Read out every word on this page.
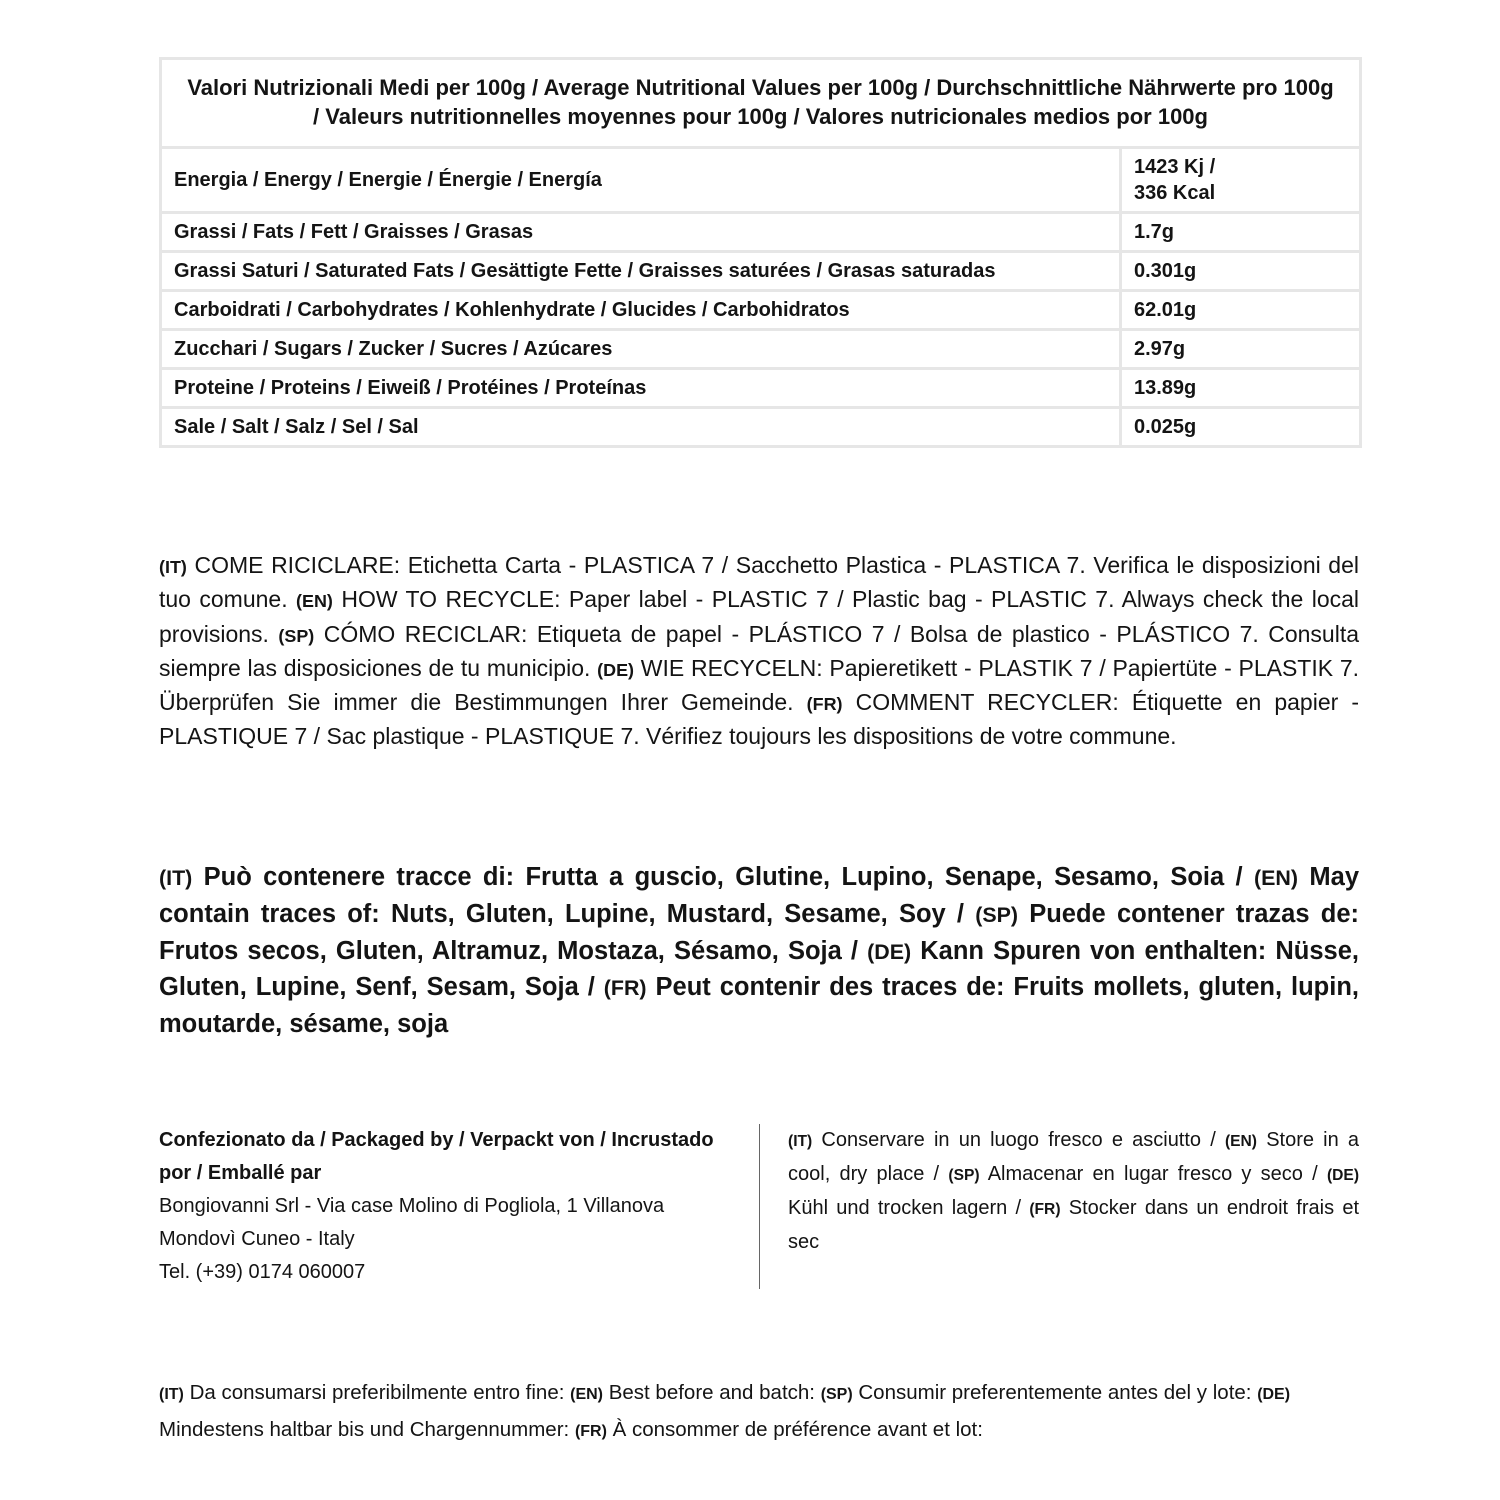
Valori Nutrizionali Medi per 100g / Average Nutritional Values per 100g / Durchschnittliche Nährwerte pro 100g / Valeurs nutritionnelles moyennes pour 100g / Valores nutricionales medios por 100g	
Energia / Energy / Energie / Énergie / Energía	1423 Kj /
336 Kcal
Grassi / Fats / Fett / Graisses / Grasas	1.7g
Grassi Saturi / Saturated Fats / Gesättigte Fette / Graisses saturées / Grasas saturadas	0.301g
Carboidrati / Carbohydrates / Kohlenhydrate / Glucides / Carbohidratos	62.01g
Zucchari / Sugars / Zucker / Sucres / Azúcares	2.97g
Proteine / Proteins / Eiweiß / Protéines / Proteínas	13.89g
Sale / Salt / Salz / Sel / Sal	0.025g

(IT) COME RICICLARE: Etichetta Carta - PLASTICA 7 / Sacchetto Plastica - PLASTICA 7. Verifica le disposizioni del tuo comune. (EN) HOW TO RECYCLE: Paper label - PLASTIC 7 / Plastic bag - PLASTIC 7. Always check the local provisions. (SP) CÓMO RECICLAR: Etiqueta de papel - PLÁSTICO 7 / Bolsa de plastico - PLÁSTICO 7. Consulta siempre las disposiciones de tu municipio. (DE) WIE RECYCELN: Papieretikett - PLASTIK 7 / Papiertüte - PLASTIK 7. Überprüfen Sie immer die Bestimmungen Ihrer Gemeinde. (FR) COMMENT RECYCLER: Étiquette en papier - PLASTIQUE 7 / Sac plastique - PLASTIQUE 7. Vérifiez toujours les dispositions de votre commune.

(IT) Può contenere tracce di: Frutta a guscio, Glutine, Lupino, Senape, Sesamo, Soia / (EN) May contain traces of: Nuts, Gluten, Lupine, Mustard, Sesame, Soy / (SP) Puede contener trazas de: Frutos secos, Gluten, Altramuz, Mostaza, Sésamo, Soja / (DE) Kann Spuren von enthalten: Nüsse, Gluten, Lupine, Senf, Sesam, Soja / (FR) Peut contenir des traces de: Fruits mollets, gluten, lupin, moutarde, sésame, soja

Confezionato da / Packaged by / Verpackt von / Incrustado por / Emballé par
Bongiovanni Srl - Via case Molino di Pogliola, 1 Villanova Mondovì Cuneo - Italy
Tel. (+39) 0174 060007

(IT) Conservare in un luogo fresco e asciutto / (EN) Store in a cool, dry place / (SP) Almacenar en lugar fresco y seco / (DE) Kühl und trocken lagern / (FR) Stocker dans un endroit frais et sec

(IT) Da consumarsi preferibilmente entro fine: (EN) Best before and batch: (SP) Consumir preferentemente antes del y lote: (DE) Mindestens haltbar bis und Chargennummer: (FR) À consommer de préférence avant et lot:
